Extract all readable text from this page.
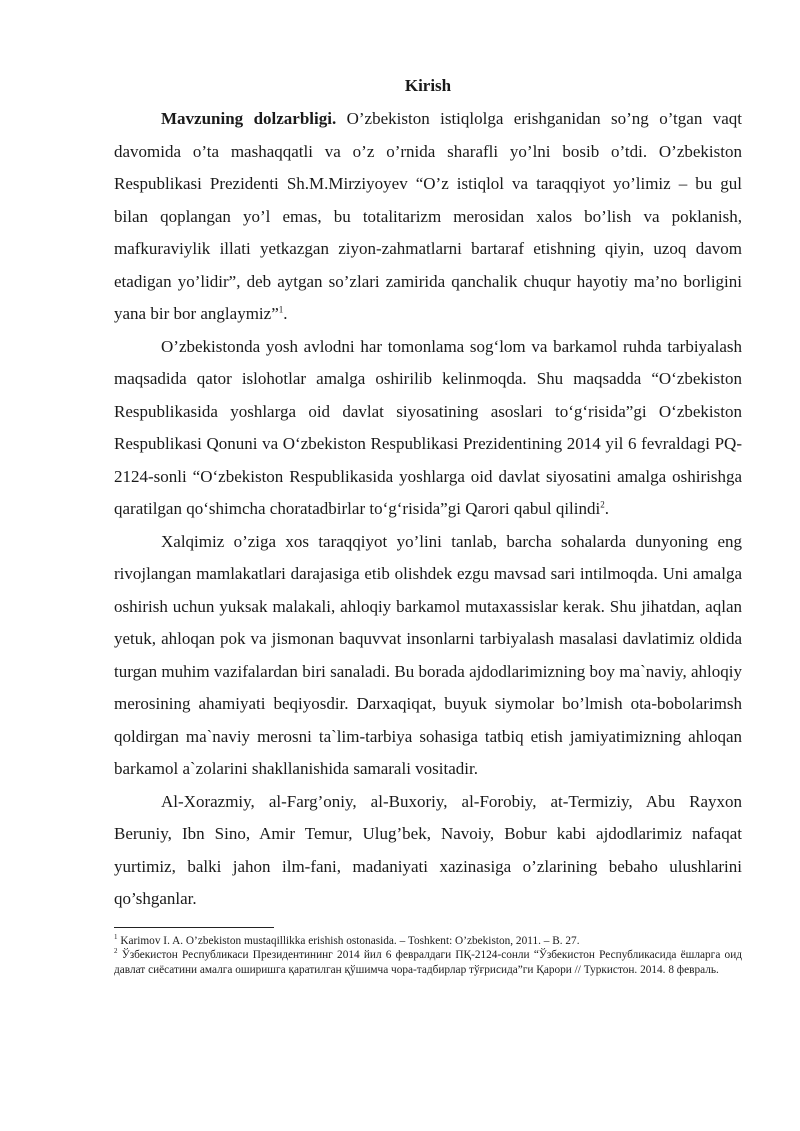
Kirish

Mavzuning dolzarbligi. O’zbekiston istiqlolga erishganidan so’ng o’tgan vaqt davomida o’ta mashaqqatli va o’z o’rnida sharafli yo’lni bosib o’tdi. O’zbekiston Respublikasi Prezidenti Sh.M.Mirziyoyev “O’z istiqlol va taraqqiyot yo’limiz – bu gul bilan qoplangan yo’l emas, bu totalitarizm merosidan xalos bo’lish va poklanish, mafkuraviylik illati yetkazgan ziyon-zahmatlarni bartaraf etishning qiyin, uzoq davom etadigan yo’lidir”, deb aytgan so’zlari zamirida qanchalik chuqur hayotiy ma’no borligini yana bir bor anglaymiz”$^1$.

O’zbekistonda yosh avlodni har tomonlama sog‘lom va barkamol ruhda tarbiyalash maqsadida qator islohotlar amalga oshirilib kelinmoqda. Shu maqsadda “O‘zbekiston Respublikasida yoshlarga oid davlat siyosatining asoslari to‘g‘risida”gi O‘zbekiston Respublikasi Qonuni va O‘zbekiston Respublikasi Prezidentining 2014 yil 6 fevraldagi PQ-2124-sonli “O‘zbekiston Respublikasida yoshlarga oid davlat siyosatini amalga oshirishga qaratilgan qo‘shimcha choratadbirlar to‘g‘risida”gi Qarori qabul qilindi$^2$.

Xalqimiz o’ziga xos taraqqiyot yo’lini tanlab, barcha sohalarda dunyoning eng rivojlangan mamlakatlari darajasiga etib olishdek ezgu mavsad sari intilmoqda. Uni amalga oshirish uchun yuksak malakali, ahloqiy barkamol mutaxassislar kerak. Shu jihatdan, aqlan yetuk, ahloqan pok va jismonan baquvvat insonlarni tarbiyalash masalasi davlatimiz oldida turgan muhim vazifalardan biri sanaladi. Bu borada ajdodlarimizning boy ma`naviy, ahloqiy merosining ahamiyati beqiyosdir. Darxaqiqat, buyuk siymolar bo’lmish ota-bobolarimsh qoldirgan ma`naviy merosni ta`lim-tarbiya sohasiga tatbiq etish jamiyatimizning ahloqan barkamol a`zolarini shakllanishida samarali vositadir.

Al-Xorazmiy, al-Farg’oniy, al-Buxoriy, al-Forobiy, at-Termiziy, Abu Rayxon Beruniy, Ibn Sino, Amir Temur, Ulug’bek, Navoiy, Bobur kabi ajdodlarimiz nafaqat yurtimiz, balki jahon ilm-fani, madaniyati xazinasiga o’zlarining bebaho ulushlarini qo’shganlar.

$^1$ Karimov I. A. O’zbekiston mustaqillikka erishish ostonasida. – Toshkent: O’zbekiston, 2011. – B. 27.

$^2$ Ўзбекистон Республикаси Президентининг 2014 йил 6 февралдаги ПҚ-2124-сонли “Ўзбекистон Республикасида ёшларга оид давлат сиёсатини амалга оширишга қаратилган қўшимча чора-тадбирлар тўғрисида”ги Қарори // Туркистон. 2014. 8 февраль.
